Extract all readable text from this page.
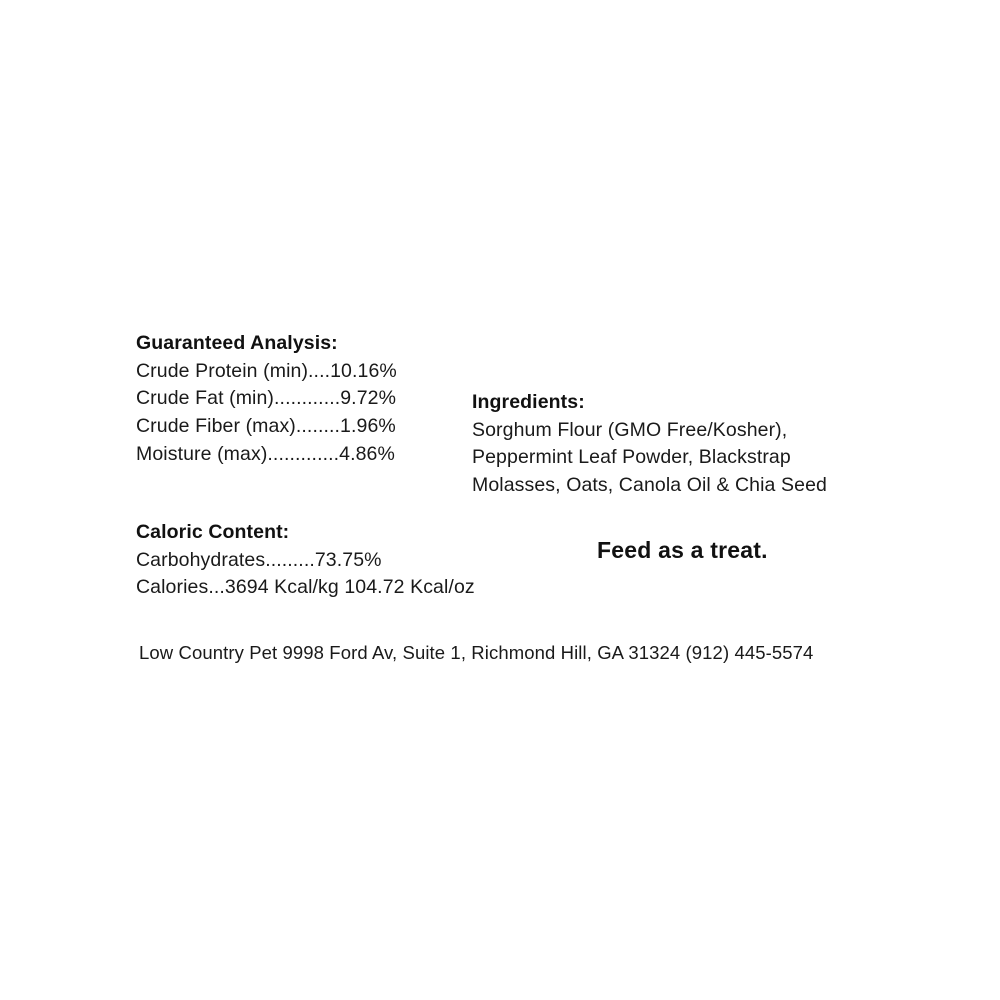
Guaranteed Analysis:
Crude Protein (min)....10.16%
Crude Fat (min)............9.72%
Crude Fiber (max)........1.96%
Moisture (max).............4.86%
Caloric Content:
Carbohydrates.........73.75%
Calories...3694 Kcal/kg 104.72 Kcal/oz
Ingredients:
Sorghum Flour (GMO Free/Kosher),
Peppermint Leaf Powder, Blackstrap
Molasses, Oats, Canola Oil & Chia Seed
Feed as a treat.
Low Country Pet 9998 Ford Av, Suite 1, Richmond Hill, GA 31324 (912) 445-5574
